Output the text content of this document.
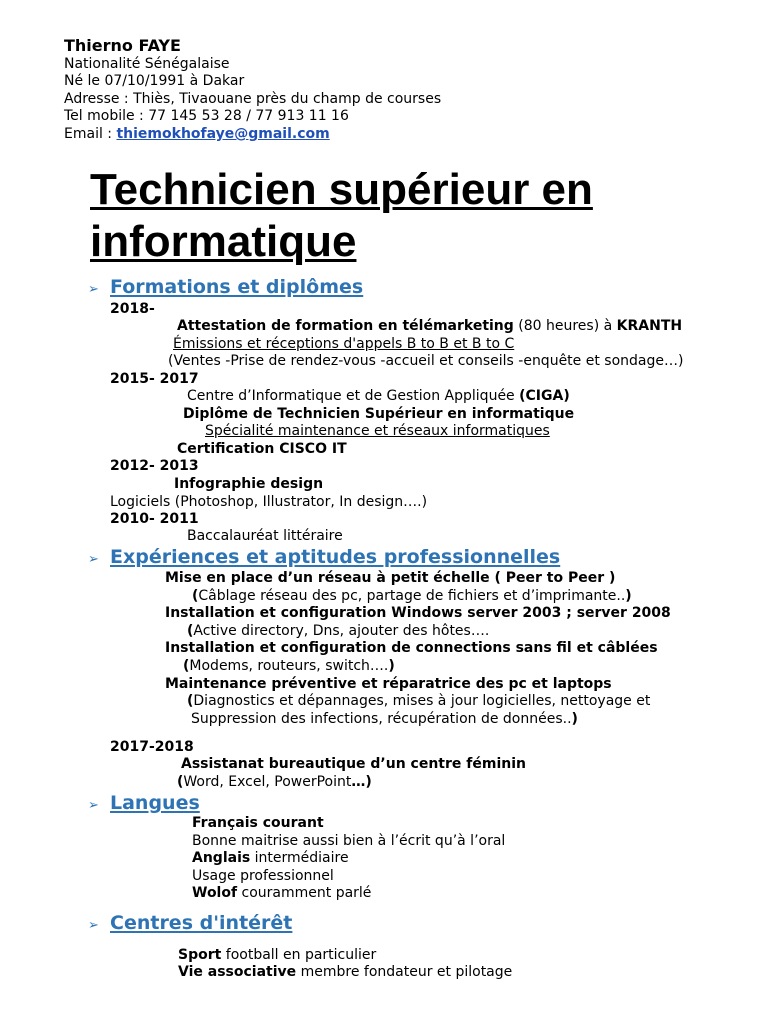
Thierno FAYE
Nationalité Sénégalaise
Né le 07/10/1991 à Dakar
Adresse : Thiès, Tivaouane près du champ de courses
Tel mobile : 77 145 53 28 / 77 913 11 16
Email : thiemokhofaye@gmail.com
Technicien supérieur en
informatique
➢ Formations et diplômes
2018-
Attestation de formation en télémarketing (80 heures) à KRANTH
Émissions et réceptions d'appels B to B et B to C
(Ventes -Prise de rendez-vous -accueil et conseils -enquête et sondage…)
2015- 2017
Centre d’Informatique et de Gestion Appliquée (CIGA)
Diplôme de Technicien Supérieur en informatique
Spécialité maintenance et réseaux informatiques
Certification CISCO IT
2012- 2013
Infographie design
Logiciels (Photoshop, Illustrator, In design….)
2010- 2011
Baccalauréat littéraire
➢ Expériences et aptitudes professionnelles
Mise en place d’un réseau à petit échelle ( Peer to Peer )
(Câblage réseau des pc, partage de fichiers et d’imprimante..)
Installation et configuration Windows server 2003 ; server 2008
(Active directory, Dns, ajouter des hôtes….
Installation et configuration de connections sans fil et câblées
(Modems, routeurs, switch….)
Maintenance préventive et réparatrice des pc et laptops
(Diagnostics et dépannages, mises à jour logicielles, nettoyage et
Suppression des infections, récupération de données..)
2017-2018
Assistanat bureautique d’un centre féminin
(Word, Excel, PowerPoint…)
➢ Langues
Français courant
Bonne maitrise aussi bien à l’écrit qu’à l’oral
Anglais intermédiaire
Usage professionnel
Wolof couramment parlé
➢ Centres d'intérêt
Sport football en particulier
Vie associative membre fondateur et pilotage
